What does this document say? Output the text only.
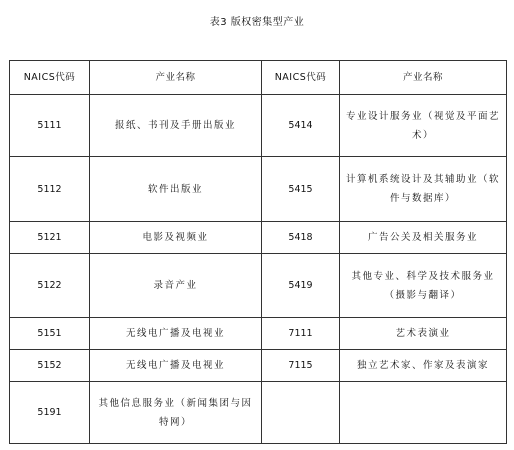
表3 版权密集型产业
NAICS代码	产业名称	NAICS代码	产业名称
5111	报纸、书刊及手册出版业	5414	专业设计服务业（视觉及平面艺术）
5112	软件出版业	5415	计算机系统设计及其辅助业（软件与数据库）
5121	电影及视频业	5418	广告公关及相关服务业
5122	录音产业	5419	其他专业、科学及技术服务业（摄影与翻译）
5151	无线电广播及电视业	7111	艺术表演业
5152	无线电广播及电视业	7115	独立艺术家、作家及表演家
5191	其他信息服务业（新闻集团与因特网）		
